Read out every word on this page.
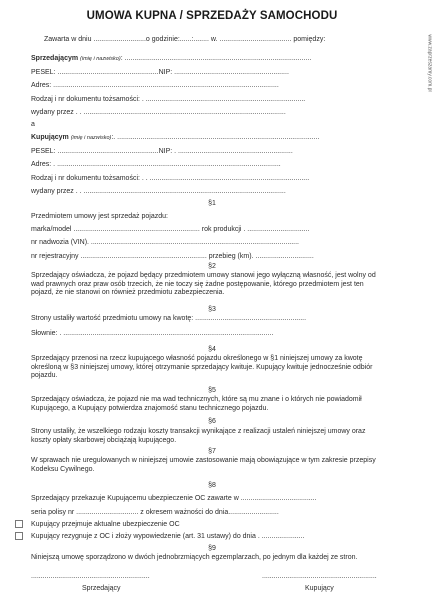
www.zaprzeszamy.com.pl
UMOWA KUPNA / SPRZEDAŻY SAMOCHODU
Zawarta w dniu ...........................o godzinie:......:........ w. ..................................... pomiędzy:
Sprzedającym (imię i nazwisko): ................................................................................................
PESEL: ....................................................NIP: ...........................................................
Adres: ....................................................................................................................
Rodzaj i nr dokumentu tożsamości: . ..................................................................................
wydany przez . . ........................................................................................................
a
Kupującym (imię i nazwisko):. ........................................................................................................
PESEL: ....................................................NIP: . ...........................................................
Adres: . ...................................................................................................................
Rodzaj i nr dokumentu tożsamości: . . ..................................................................................
wydany przez . . ........................................................................................................
§1
Przedmiotem umowy jest sprzedaż pojazdu:
marka/model ................................................................. rok produkcji . ................................
nr nadwozia (VIN). ...........................................................................................................
nr rejestracyjny ................................................................. przebieg (km). ..............................
§2
Sprzedający oświadcza, że pojazd będący przedmiotem umowy stanowi jego wyłączną własność, jest wolny od wad prawnych oraz praw osób trzecich, że nie toczy się żadne postępowanie, którego przedmiotem jest ten pojazd, że nie stanowi on również przedmiotu zabezpieczenia.
§3
Strony ustaliły wartość przedmiotu umowy na kwotę: .........................................................
Słownie: . ............................................................................................................
§4
Sprzedający przenosi na rzecz kupującego własność pojazdu określonego w §1 niniejszej umowy za kwotę określoną w §3 niniejszej umowy, której otrzymanie sprzedający kwituje. Kupujący kwituje jednocześnie odbiór pojazdu.
§5
Sprzedający oświadcza, że pojazd nie ma wad technicznych, które są mu znane i o których nie powiadomił Kupującego, a Kupujący potwierdza znajomość stanu technicznego pojazdu.
§6
Strony ustaliły, że wszelkiego rodzaju koszty transakcji wynikające z realizacji ustaleń niniejszej umowy oraz koszty opłaty skarbowej obciążają kupującego.
§7
W sprawach nie uregulowanych w niniejszej umowie zastosowanie mają obowiązujące w tym zakresie przepisy Kodeksu Cywilnego.
§8
Sprzedający przekazuje Kupującemu ubezpieczenie OC zawarte w .......................................
seria polisy nr ................................ z okresem ważności do dnia..........................
Kupujący przejmuje aktualne ubezpieczenie OC
Kupujący rezygnuje z OC i złoży wypowiedzenie (art. 31 ustawy) do dnia . ......................
§9
Niniejszą umowę sporządzono w dwóch jednobrzmiących egzemplarzach, po jednym dla każdej ze stron.
.............................................................	...........................................................
Sprzedający	Kupujący
